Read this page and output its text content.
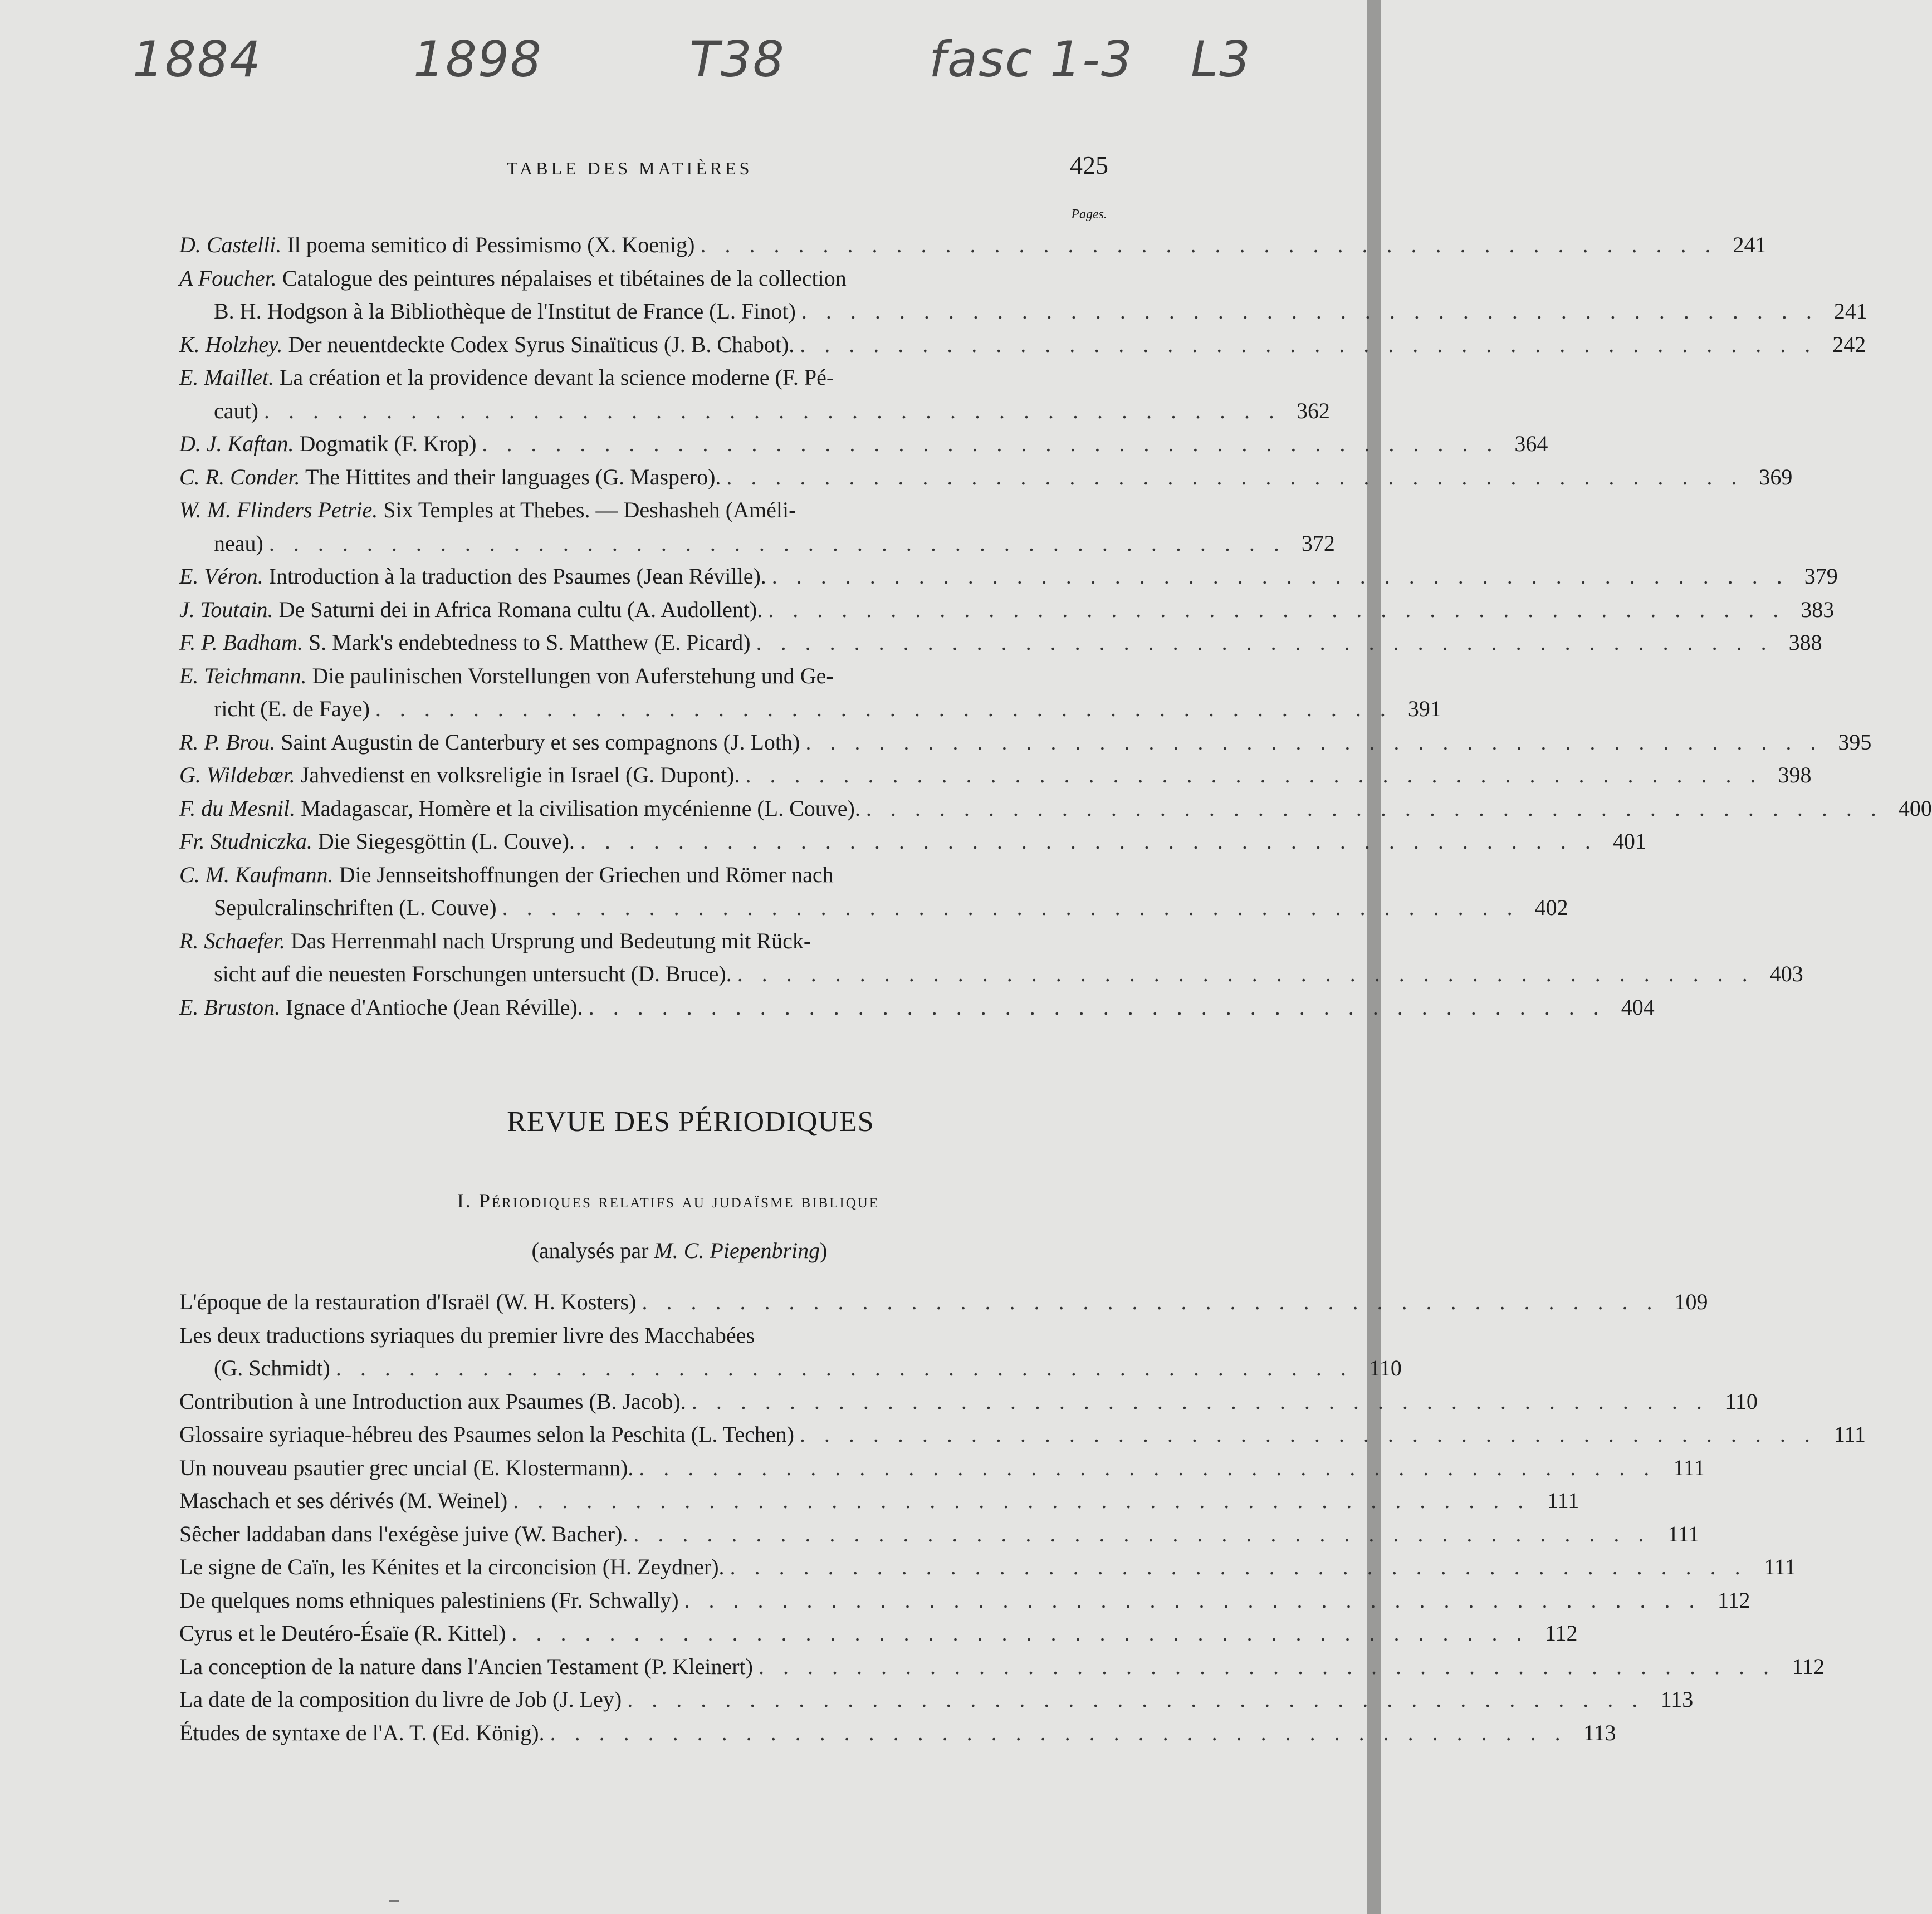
1884	1898	T38	fasc 1-3 L3
TABLE DES MATIÈRES	425
Pages.
D. Castelli. Il poema semitico di Pessimismo (X. Koenig) . . . . . . . . . . . . . . . . . . . . . . . . . . . . . . . . . . . . . . . . . . 241
A Foucher. Catalogue des peintures népalaises et tibétaines de la collection
B. H. Hodgson à la Bibliothèque de l'Institut de France (L. Finot) . . . . . . . . . . . . . . . . . . . . . . . . . . . . . . . . . . . . . . . . . . 241
K. Holzhey. Der neuentdeckte Codex Syrus Sinaïticus (J. B. Chabot). . . . . . . . . . . . . . . . . . . . . . . . . . . . . . . . . . . . . . . . . . . 242
E. Maillet. La création et la providence devant la science moderne (F. Pé-
caut) . . . . . . . . . . . . . . . . . . . . . . . . . . . . . . . . . . . . . . . . . . 362
D. J. Kaftan. Dogmatik (F. Krop) . . . . . . . . . . . . . . . . . . . . . . . . . . . . . . . . . . . . . . . . . . 364
C. R. Conder. The Hittites and their languages (G. Maspero). . . . . . . . . . . . . . . . . . . . . . . . . . . . . . . . . . . . . . . . . . . 369
W. M. Flinders Petrie. Six Temples at Thebes. — Deshasheh (Améli-
neau) . . . . . . . . . . . . . . . . . . . . . . . . . . . . . . . . . . . . . . . . . . 372
E. Véron. Introduction à la traduction des Psaumes (Jean Réville). . . . . . . . . . . . . . . . . . . . . . . . . . . . . . . . . . . . . . . . . . . 379
J. Toutain. De Saturni dei in Africa Romana cultu (A. Audollent). . . . . . . . . . . . . . . . . . . . . . . . . . . . . . . . . . . . . . . . . . . 383
F. P. Badham. S. Mark's endebtedness to S. Matthew (E. Picard) . . . . . . . . . . . . . . . . . . . . . . . . . . . . . . . . . . . . . . . . . . 388
E. Teichmann. Die paulinischen Vorstellungen von Auferstehung und Ge-
richt (E. de Faye) . . . . . . . . . . . . . . . . . . . . . . . . . . . . . . . . . . . . . . . . . . 391
R. P. Brou. Saint Augustin de Canterbury et ses compagnons (J. Loth) . . . . . . . . . . . . . . . . . . . . . . . . . . . . . . . . . . . . . . . . . . 395
G. Wildebœr. Jahvedienst en volksreligie in Israel (G. Dupont). . . . . . . . . . . . . . . . . . . . . . . . . . . . . . . . . . . . . . . . . . . 398
F. du Mesnil. Madagascar, Homère et la civilisation mycénienne (L. Couve). . . . . . . . . . . . . . . . . . . . . . . . . . . . . . . . . . . . . . . . . . . 400
Fr. Studniczka. Die Siegesgöttin (L. Couve). . . . . . . . . . . . . . . . . . . . . . . . . . . . . . . . . . . . . . . . . . . 401
C. M. Kaufmann. Die Jennseitshoffnungen der Griechen und Römer nach
Sepulcralinschriften (L. Couve) . . . . . . . . . . . . . . . . . . . . . . . . . . . . . . . . . . . . . . . . . . 402
R. Schaefer. Das Herrenmahl nach Ursprung und Bedeutung mit Rück-
sicht auf die neuesten Forschungen untersucht (D. Bruce). . . . . . . . . . . . . . . . . . . . . . . . . . . . . . . . . . . . . . . . . . . 403
E. Bruston. Ignace d'Antioche (Jean Réville). . . . . . . . . . . . . . . . . . . . . . . . . . . . . . . . . . . . . . . . . . . 404
REVUE DES PÉRIODIQUES
I. Périodiques relatifs au judaïsme biblique
(analysés par M. C. Piepenbring)
L'époque de la restauration d'Israël (W. H. Kosters) . . . . . . . . . . . . . . . . . . . . . . . . . . . . . . . . . . . . . . . . . . 109
Les deux traductions syriaques du premier livre des Macchabées
(G. Schmidt) . . . . . . . . . . . . . . . . . . . . . . . . . . . . . . . . . . . . . . . . . . 110
Contribution à une Introduction aux Psaumes (B. Jacob). . . . . . . . . . . . . . . . . . . . . . . . . . . . . . . . . . . . . . . . . . . 110
Glossaire syriaque-hébreu des Psaumes selon la Peschita (L. Techen) . . . . . . . . . . . . . . . . . . . . . . . . . . . . . . . . . . . . . . . . . . 111
Un nouveau psautier grec uncial (E. Klostermann). . . . . . . . . . . . . . . . . . . . . . . . . . . . . . . . . . . . . . . . . . . 111
Maschach et ses dérivés (M. Weinel) . . . . . . . . . . . . . . . . . . . . . . . . . . . . . . . . . . . . . . . . . . 111
Sêcher laddaban dans l'exégèse juive (W. Bacher). . . . . . . . . . . . . . . . . . . . . . . . . . . . . . . . . . . . . . . . . . . 111
Le signe de Caïn, les Kénites et la circoncision (H. Zeydner). . . . . . . . . . . . . . . . . . . . . . . . . . . . . . . . . . . . . . . . . . . 111
De quelques noms ethniques palestiniens (Fr. Schwally) . . . . . . . . . . . . . . . . . . . . . . . . . . . . . . . . . . . . . . . . . . 112
Cyrus et le Deutéro-Ésaïe (R. Kittel) . . . . . . . . . . . . . . . . . . . . . . . . . . . . . . . . . . . . . . . . . . 112
La conception de la nature dans l'Ancien Testament (P. Kleinert) . . . . . . . . . . . . . . . . . . . . . . . . . . . . . . . . . . . . . . . . . . 112
La date de la composition du livre de Job (J. Ley) . . . . . . . . . . . . . . . . . . . . . . . . . . . . . . . . . . . . . . . . . . 113
Études de syntaxe de l'A. T. (Ed. König). . . . . . . . . . . . . . . . . . . . . . . . . . . . . . . . . . . . . . . . . . . 113
